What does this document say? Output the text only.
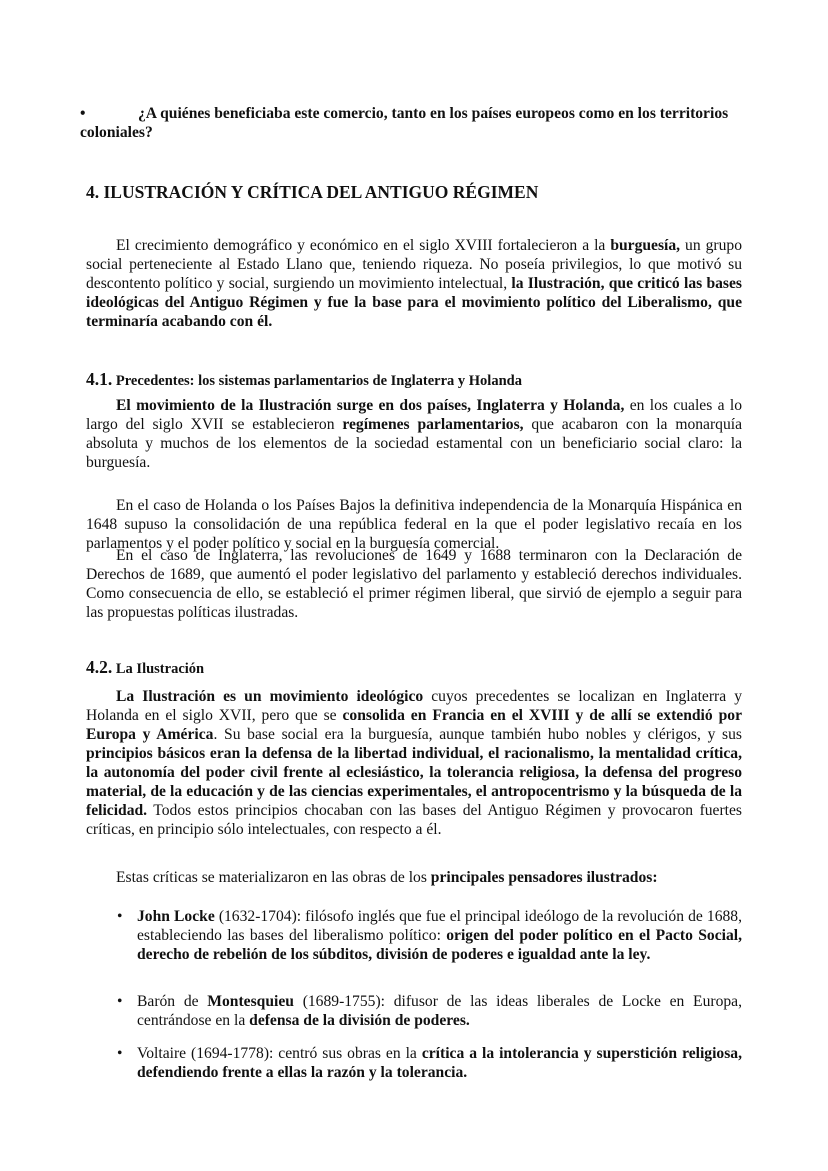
•	¿A quiénes beneficiaba este comercio, tanto en los países europeos como en los territorios coloniales?
4. ILUSTRACIÓN Y CRÍTICA DEL ANTIGUO RÉGIMEN
El crecimiento demográfico y económico en el siglo XVIII fortalecieron a la burguesía, un grupo social perteneciente al Estado Llano que, teniendo riqueza. No poseía privilegios, lo que motivó su descontento político y social, surgiendo un movimiento intelectual, la Ilustración, que criticó las bases ideológicas del Antiguo Régimen y fue la base para el movimiento político del Liberalismo, que terminaría acabando con él.
4.1. Precedentes: los sistemas parlamentarios de Inglaterra y Holanda
El movimiento de la Ilustración surge en dos países, Inglaterra y Holanda, en los cuales a lo largo del siglo XVII se establecieron regímenes parlamentarios, que acabaron con la monarquía absoluta y muchos de los elementos de la sociedad estamental con un beneficiario social claro: la burguesía.
En el caso de Holanda o los Países Bajos la definitiva independencia de la Monarquía Hispánica en 1648 supuso la consolidación de una república federal en la que el poder legislativo recaía en los parlamentos y el poder político y social en la burguesía comercial.
En el caso de Inglaterra, las revoluciones de 1649 y 1688 terminaron con la Declaración de Derechos de 1689, que aumentó el poder legislativo del parlamento y estableció derechos individuales. Como consecuencia de ello, se estableció el primer régimen liberal, que sirvió de ejemplo a seguir para las propuestas políticas ilustradas.
4.2. La Ilustración
La Ilustración es un movimiento ideológico cuyos precedentes se localizan en Inglaterra y Holanda en el siglo XVII, pero que se consolida en Francia en el XVIII y de allí se extendió por Europa y América. Su base social era la burguesía, aunque también hubo nobles y clérigos, y sus principios básicos eran la defensa de la libertad individual, el racionalismo, la mentalidad crítica, la autonomía del poder civil frente al eclesiástico, la tolerancia religiosa, la defensa del progreso material, de la educación y de las ciencias experimentales, el antropocentrismo y la búsqueda de la felicidad. Todos estos principios chocaban con las bases del Antiguo Régimen y provocaron fuertes críticas, en principio sólo intelectuales, con respecto a él.
Estas críticas se materializaron en las obras de los principales pensadores ilustrados:
• John Locke (1632-1704): filósofo inglés que fue el principal ideólogo de la revolución de 1688, estableciendo las bases del liberalismo político: origen del poder político en el Pacto Social, derecho de rebelión de los súbditos, división de poderes e igualdad ante la ley.
• Barón de Montesquieu (1689-1755): difusor de las ideas liberales de Locke en Europa, centrándose en la defensa de la división de poderes.
• Voltaire (1694-1778): centró sus obras en la crítica a la intolerancia y superstición religiosa, defendiendo frente a ellas la razón y la tolerancia.
